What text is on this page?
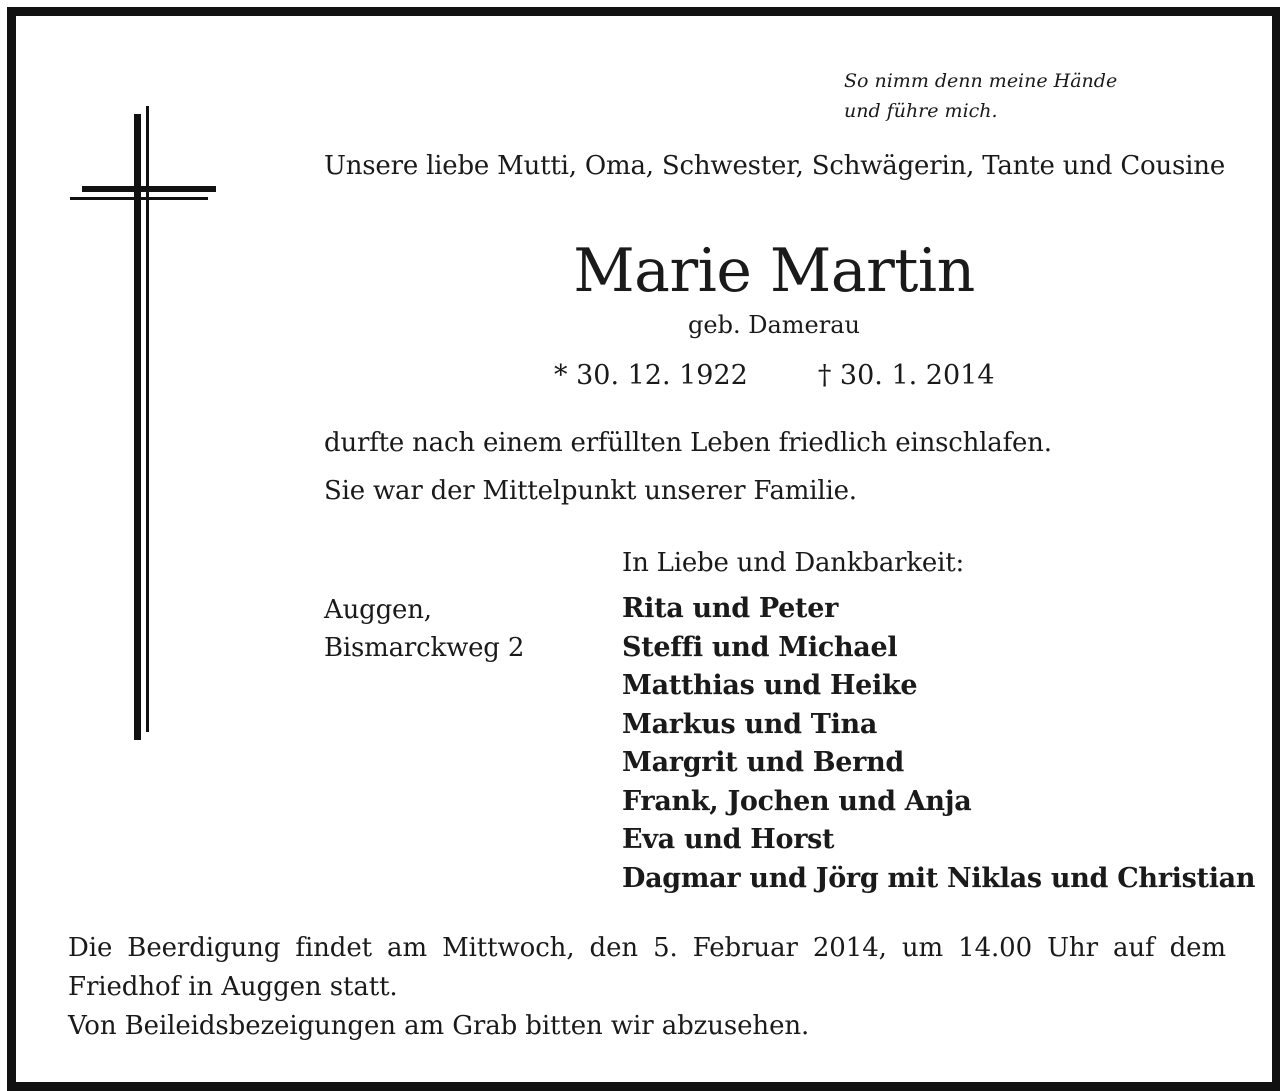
So nimm denn meine Hände
und führe mich.
Unsere liebe Mutti, Oma, Schwester, Schwägerin, Tante und Cousine
Marie Martin
geb. Damerau
* 30. 12. 1922	† 30. 1. 2014
durfte nach einem erfüllten Leben friedlich einschlafen.
Sie war der Mittelpunkt unserer Familie.
In Liebe und Dankbarkeit:
Auggen,
Bismarckweg 2
Rita und Peter
Steffi und Michael
Matthias und Heike
Markus und Tina
Margrit und Bernd
Frank, Jochen und Anja
Eva und Horst
Dagmar und Jörg mit Niklas und Christian

Die Beerdigung findet am Mittwoch, den 5. Februar 2014, um 14.00 Uhr auf dem Friedhof in Auggen statt.

Von Beileidsbezeigungen am Grab bitten wir abzusehen.
